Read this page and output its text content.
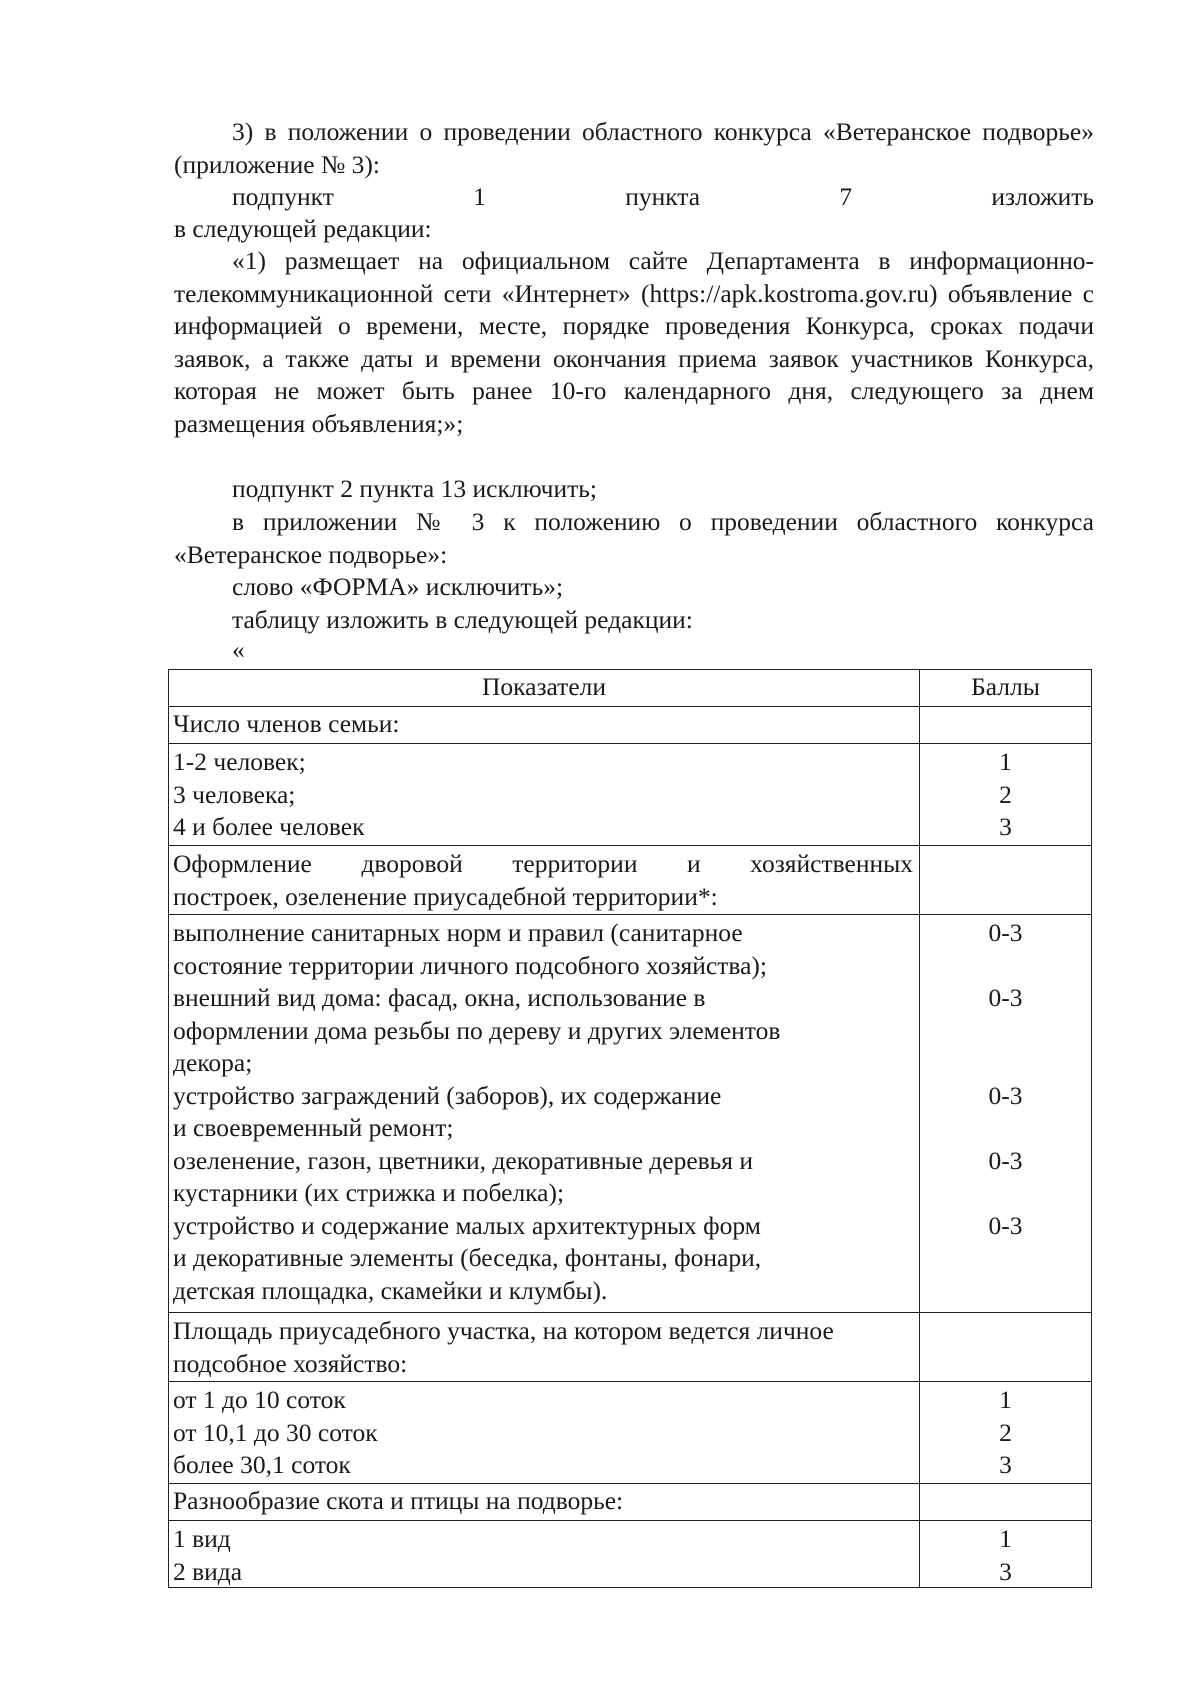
3) в положении о проведении областного конкурса «Ветеранское подворье» (приложение № 3):

подпункт 1 пункта 7 изложить

в следующей редакции:

«1) размещает на официальном сайте Департамента в информационно-телекоммуникационной сети «Интернет» (https://apk.kostroma.gov.ru) объявление с информацией о времени, месте, порядке проведения Конкурса, сроках подачи заявок, а также даты и времени окончания приема заявок участников Конкурса, которая не может быть ранее 10-го календарного дня, следующего за днем размещения объявления;»;

подпункт 2 пункта 13 исключить;

в приложении № 3 к положению о проведении областного конкурса «Ветеранское подворье»:

слово «ФОРМА» исключить»;

таблицу изложить в следующей редакции:

«

Показатели	Баллы

Число членов семьи:

1-2 человек;

3 человека;

4 и более человек

1

2

3

Оформление дворовой территории и хозяйственных

построек, озеленение приусадебной территории*:

выполнение санитарных норм и правил (санитарное

состояние территории личного подсобного хозяйства);

внешний вид дома: фасад, окна, использование в

оформлении дома резьбы по дереву и других элементов

декора;

устройство заграждений (заборов), их содержание

и своевременный ремонт;

озеленение, газон, цветники, декоративные деревья и

кустарники (их стрижка и побелка);

устройство и содержание малых архитектурных форм

и декоративные элементы (беседка, фонтаны, фонари,

детская площадка, скамейки и клумбы).

0-3

0-3

0-3

0-3

0-3

Площадь приусадебного участка, на котором ведется личное

подсобное хозяйство:

от 1 до 10 соток

от 10,1 до 30 соток

более 30,1 соток

1

2

3

Разнообразие скота и птицы на подворье:

1 вид

2 вида

1

3
